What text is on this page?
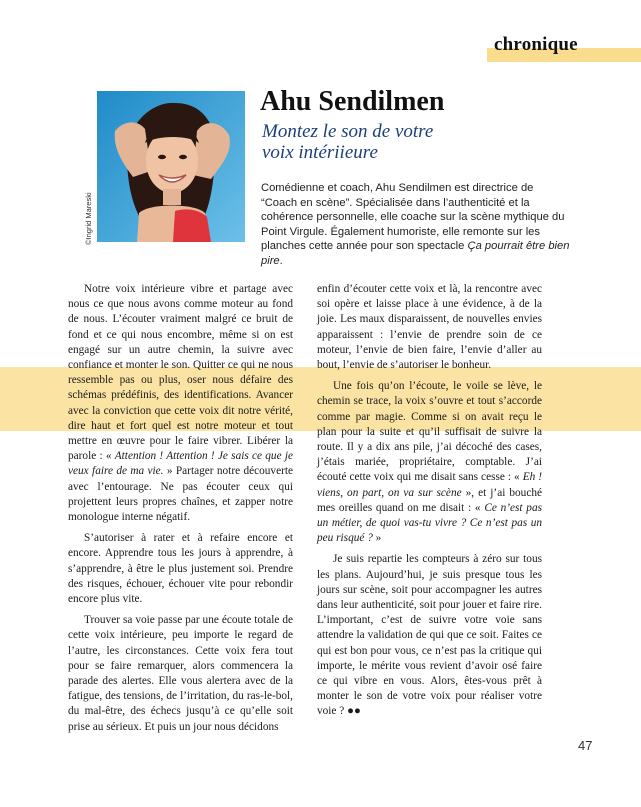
chronique
©Ingrid Mareski
Ahu Sendilmen
Montez le son de votre
voix intériieure
Comédienne et coach, Ahu Sendilmen est directrice de “Coach en scène”. Spécialisée dans l’authenticité et la cohérence personnelle, elle coache sur la scène mythique du Point Virgule. Également humoriste, elle remonte sur les planches cette année pour son spectacle Ça pourrait être bien pire.

Notre voix intérieure vibre et partage avec nous ce que nous avons comme moteur au fond de nous. L’écouter vraiment malgré ce bruit de fond et ce qui nous encombre, même si on est engagé sur un autre chemin, la suivre avec confiance et monter le son. Quitter ce qui ne nous ressemble pas ou plus, oser nous défaire des schémas prédéfinis, des identifications. Avancer avec la conviction que cette voix dit notre vérité, dire haut et fort quel est notre moteur et tout mettre en œuvre pour le faire vibrer. Libérer la parole : « Attention ! Attention ! Je sais ce que je veux faire de ma vie. » Partager notre découverte avec l’entourage. Ne pas écouter ceux qui projettent leurs propres chaînes, et zapper notre monologue interne négatif.

S’autoriser à rater et à refaire encore et encore. Apprendre tous les jours à apprendre, à s’apprendre, à être le plus justement soi. Prendre des risques, échouer, échouer vite pour rebondir encore plus vite.

Trouver sa voie passe par une écoute totale de cette voix intérieure, peu importe le regard de l’autre, les circonstances. Cette voix fera tout pour se faire remarquer, alors commencera la parade des alertes. Elle vous alertera avec de la fatigue, des tensions, de l’irritation, du ras-le-bol, du mal-être, des échecs jusqu’à ce qu’elle soit prise au sérieux. Et puis un jour nous décidons

enfin d’écouter cette voix et là, la rencontre avec soi opère et laisse place à une évidence, à de la joie. Les maux disparaissent, de nouvelles envies apparaissent : l’envie de prendre soin de ce moteur, l’envie de bien faire, l’envie d’aller au bout, l’envie de s’autoriser le bonheur.

Une fois qu’on l’écoute, le voile se lève, le chemin se trace, la voix s’ouvre et tout s’accorde comme par magie. Comme si on avait reçu le plan pour la suite et qu’il suffisait de suivre la route. Il y a dix ans pile, j’ai décoché des cases, j’étais mariée, propriétaire, comptable. J’ai écouté cette voix qui me disait sans cesse : « Eh ! viens, on part, on va sur scène », et j’ai bouché mes oreilles quand on me disait : « Ce n’est pas un métier, de quoi vas-tu vivre ? Ce n’est pas un peu risqué ? »

Je suis repartie les compteurs à zéro sur tous les plans. Aujourd’hui, je suis presque tous les jours sur scène, soit pour accompagner les autres dans leur authenticité, soit pour jouer et faire rire. L’important, c’est de suivre votre voie sans attendre la validation de qui que ce soit. Faites ce qui est bon pour vous, ce n’est pas la critique qui importe, le mérite vous revient d’avoir osé faire ce qui vibre en vous. Alors, êtes-vous prêt à monter le son de votre voix pour réaliser votre voie ? ●●

47
